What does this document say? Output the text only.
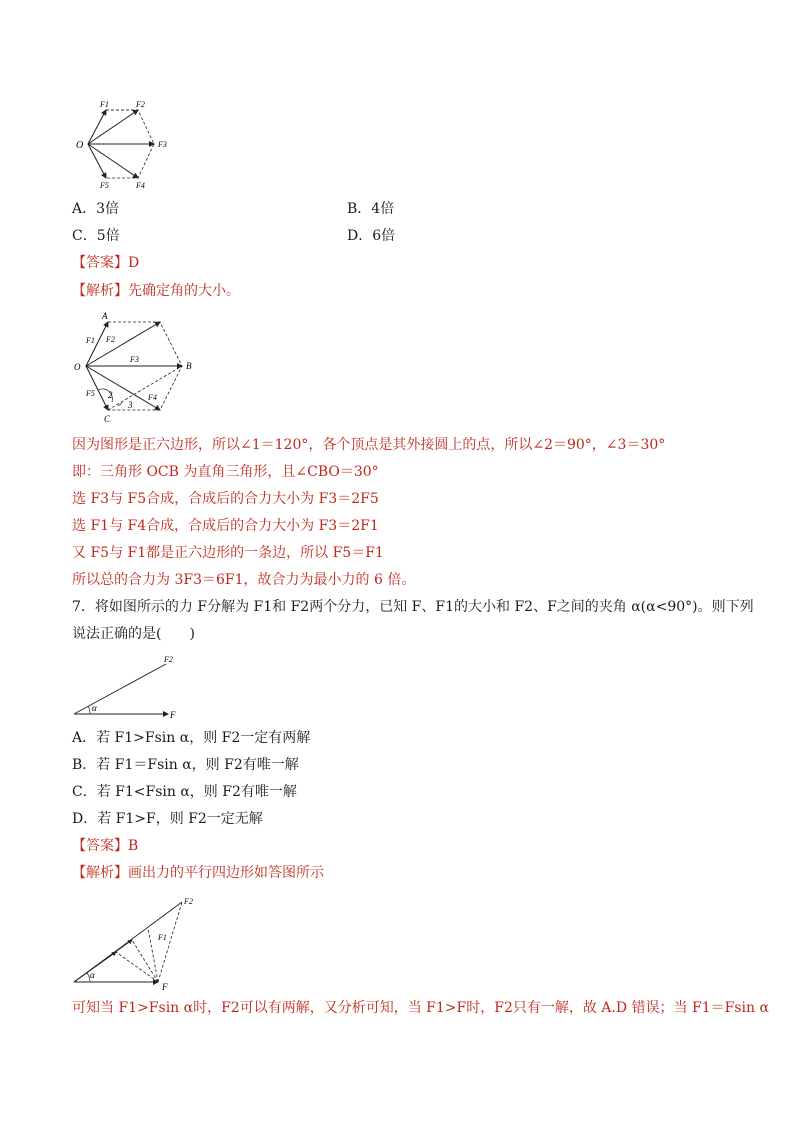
O
F1	F2
F3
F4
F5
A．3倍	B．4倍
C．5倍	D．6倍
【答案】D
【解析】先确定角的大小。
A
O	B
C
F1 F2
F3
F4
F5 2
3
因为图形是正六边形，所以∠1＝120°，各个顶点是其外接圆上的点，所以∠2＝90°，∠3＝30°
即：三角形 OCB 为直角三角形，且∠CBO＝30°
选 F3与 F5合成，合成后的合力大小为 F3＝2F5
选 F1与 F4合成，合成后的合力大小为 F3＝2F1
又 F5与 F1都是正六边形的一条边，所以 F5＝F1
所以总的合力为 3F3＝6F1，故合力为最小力的 6 倍。
7．将如图所示的力 F分解为 F1和 F2两个分力，已知 F、F1的大小和 F2、F之间的夹角 α(α<90°)。则下列
说法正确的是(　　)
α
F2
F
A．若 F1>Fsin α，则 F2一定有两解
B．若 F1＝Fsin α，则 F2有唯一解
C．若 F1<Fsin α，则 F2有唯一解
D．若 F1>F，则 F2一定无解
【答案】B
【解析】画出力的平行四边形如答图所示
α
F2
F1
F
可知当 F1>Fsin α时，F2可以有两解，又分析可知，当 F1>F时，F2只有一解，故 A.D 错误；当 F1＝Fsin α
